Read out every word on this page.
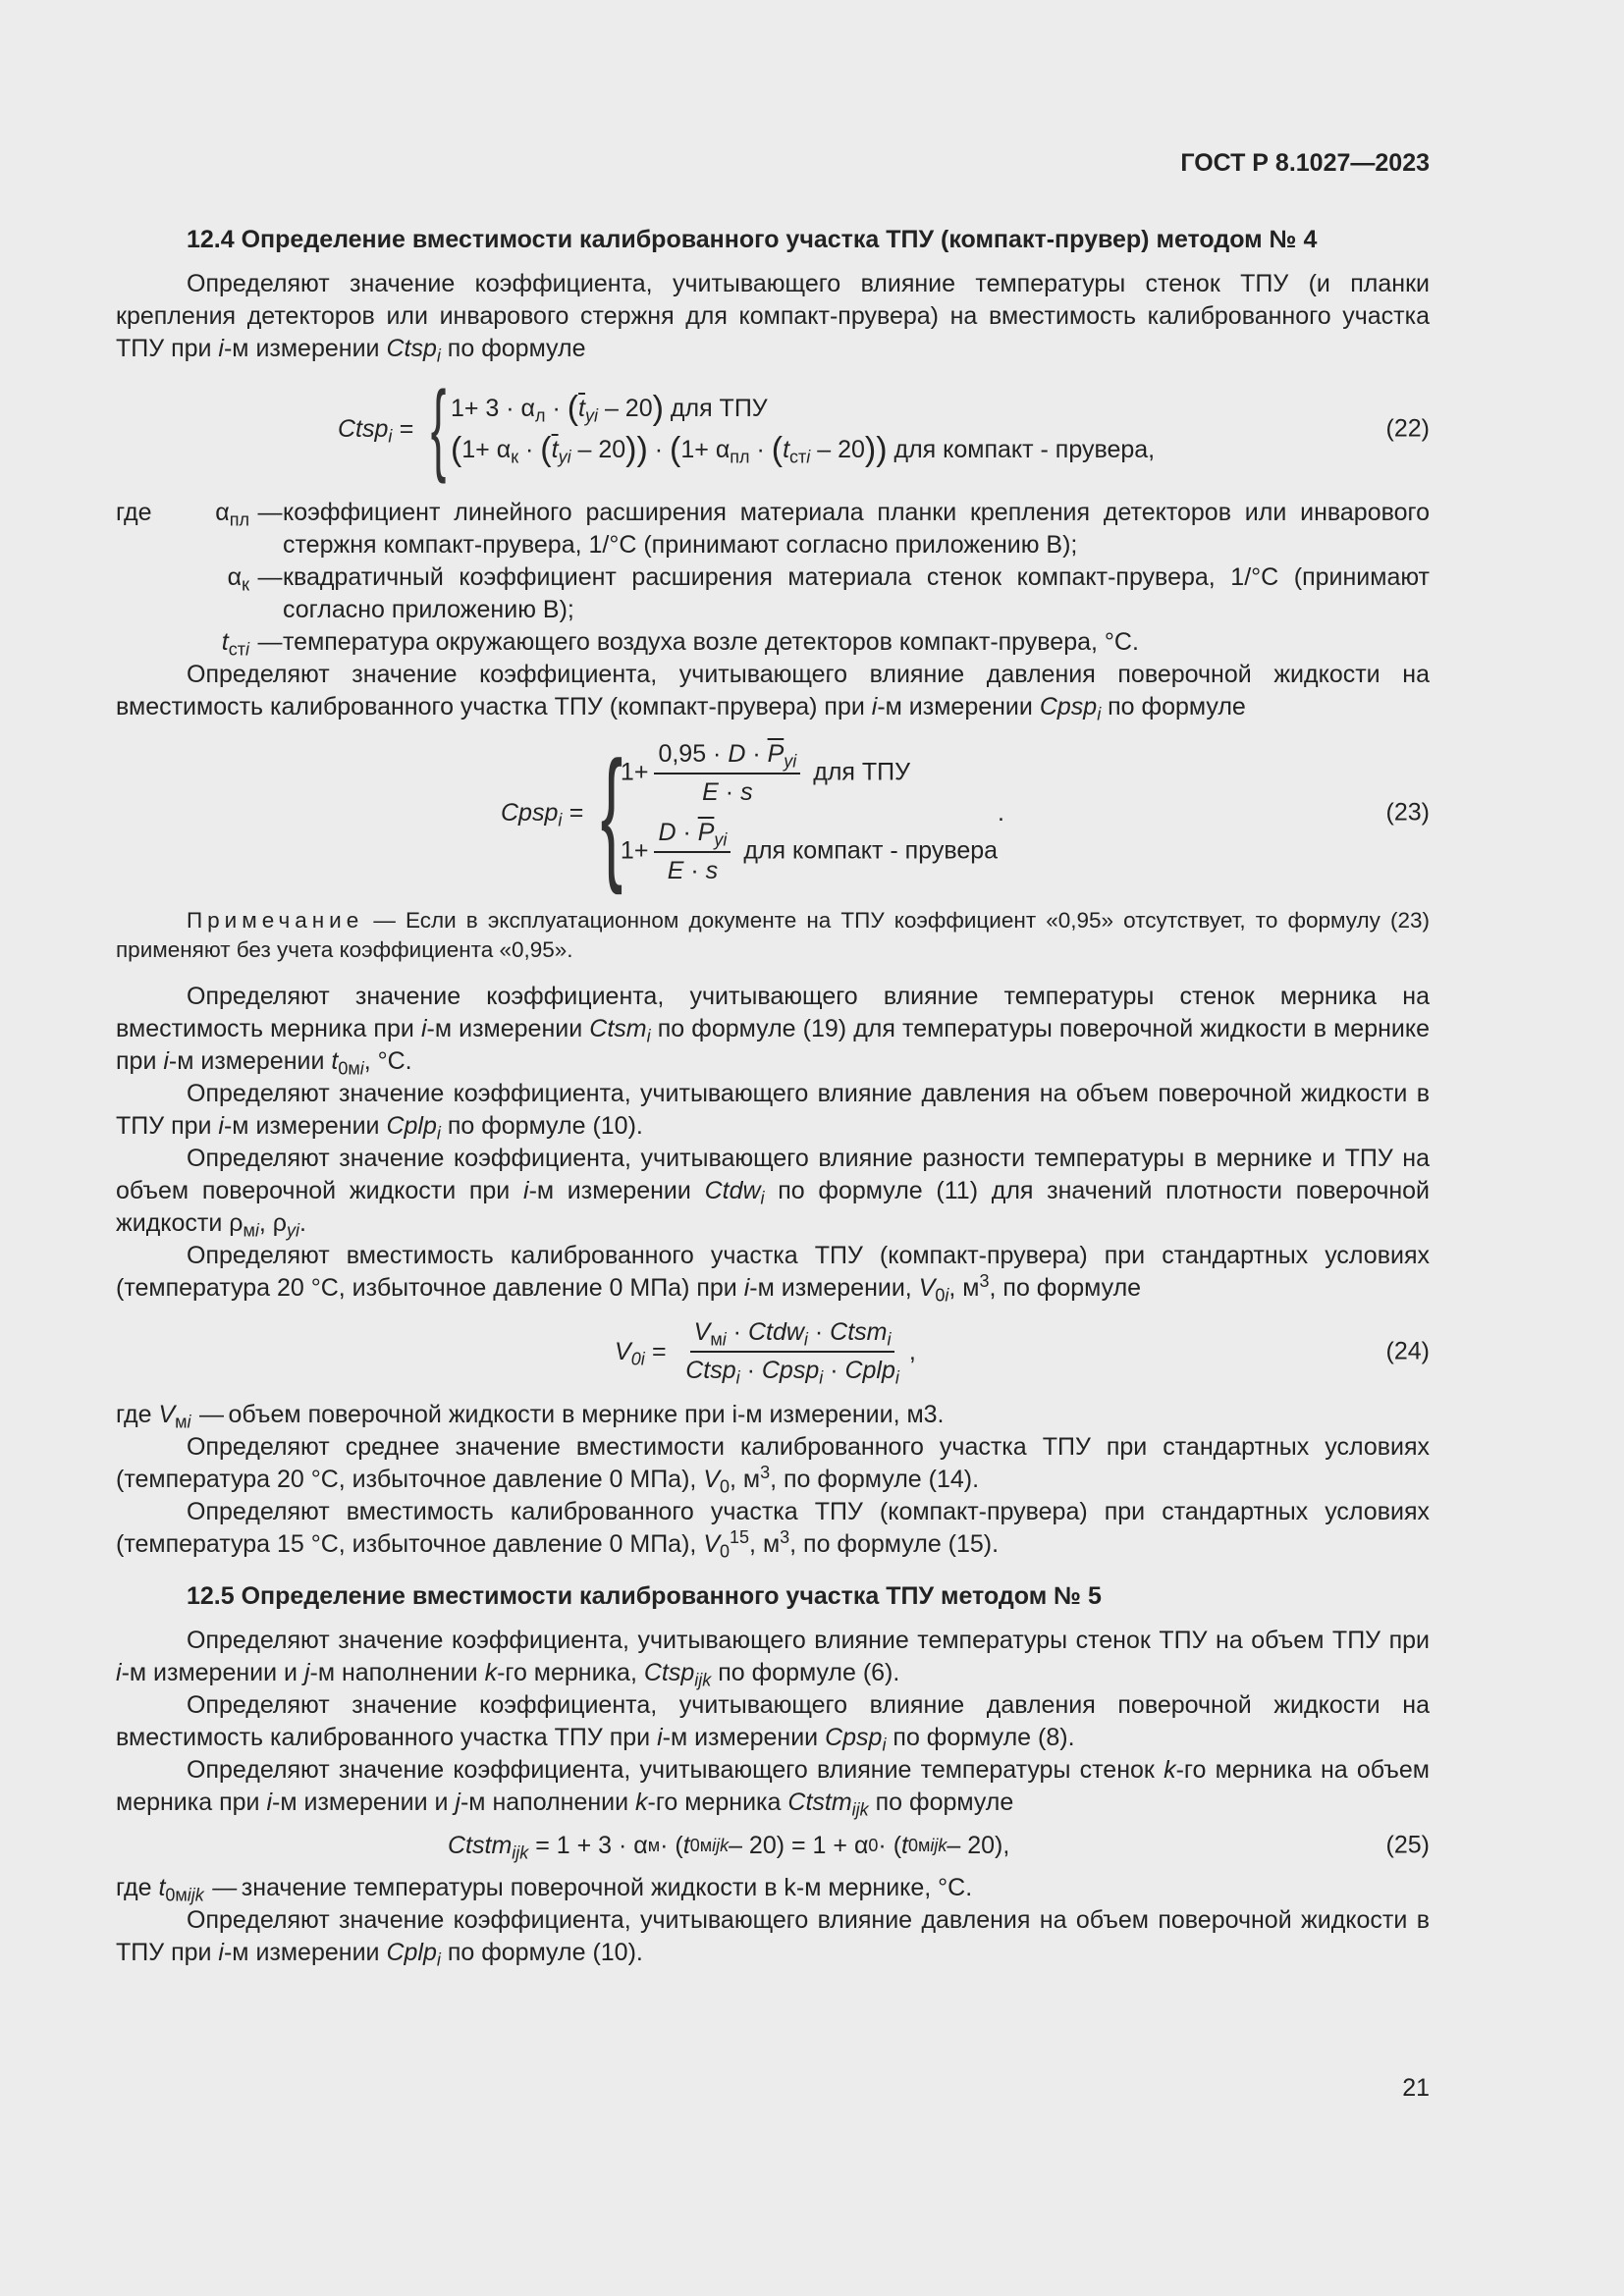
ГОСТ Р 8.1027—2023
12.4 Определение вместимости калиброванного участка ТПУ (компакт-прувер) методом № 4

Определяют значение коэффициента, учитывающего влияние температуры стенок ТПУ (и планки крепления детекторов или инварового стержня для компакт-прувера) на вместимость калиброванного участка ТПУ при i-м измерении Ctsp$_i$ по формуле

Ctsp$_i$ = { $1+ 3 \cdot \alpha_л \cdot (\overline{t}_{yi} - 20)$ для ТПУ
$(1+ \alpha_к \cdot (\overline{t}_{yi} - 20)) \cdot (1+ \alpha_{пл} \cdot (t_{стi} - 20))$ для компакт - прувера,
(22)
где	$\alpha_{пл}$ — коэффициент линейного расширения материала планки крепления детекторов или инварового стержня компакт-прувера, 1/°С (принимают согласно приложению В);
$\alpha_к$ — квадратичный коэффициент расширения материала стенок компакт-прувера, 1/°С (принимают согласно приложению В);
$t_{стi}$ — температура окружающего воздуха возле детекторов компакт-прувера, °С.

Определяют значение коэффициента, учитывающего влияние давления поверочной жидкости на вместимость калиброванного участка ТПУ (компакт-прувера) при i-м измерении Cpsp$_i$ по формуле

Cpsp$_i$ = {
$1+ \frac{0,95 \cdot D \cdot \overline{P}_{yi}}{E \cdot s}$ для ТПУ
$1+ \frac{D \cdot \overline{P}_{yi}}{E \cdot s}$ для компакт - прувера
.	(23)
Примечание — Если в эксплуатационном документе на ТПУ коэффициент «0,95» отсутствует, то формулу (23) применяют без учета коэффициента «0,95».

Определяют значение коэффициента, учитывающего влияние температуры стенок мерника на вместимость мерника при i-м измерении Ctsm$_i$ по формуле (19) для температуры поверочной жидкости в мернике при i-м измерении $t_{0мi}$, °С.

Определяют значение коэффициента, учитывающего влияние давления на объем поверочной жидкости в ТПУ при i-м измерении Cplp$_i$ по формуле (10).

Определяют значение коэффициента, учитывающего влияние разности температуры в мернике и ТПУ на объем поверочной жидкости при i-м измерении Ctdw$_i$ по формуле (11) для значений плотности поверочной жидкости $\rho_{мi}$, $\rho_{yi}$.

Определяют вместимость калиброванного участка ТПУ (компакт-прувера) при стандартных условиях (температура 20 °С, избыточное давление 0 МПа) при i-м измерении, $V_{0i}$, $м^3$, по формуле

$V_{0i} = \frac{V_{мi} \cdot Ctdw_i \cdot Ctsm_i}{Ctsp_i \cdot Cpsp_i \cdot Cplp_i}$ ,	(24)
где $V_{мi}$ — объем поверочной жидкости в мернике при i-м измерении, м3.

Определяют среднее значение вместимости калиброванного участка ТПУ при стандартных условиях (температура 20 °С, избыточное давление 0 МПа), $V_0$, $м^3$, по формуле (14).

Определяют вместимость калиброванного участка ТПУ (компакт-прувера) при стандартных условиях (температура 15 °С, избыточное давление 0 МПа), $V_0^{15}$, $м^3$, по формуле (15).

12.5 Определение вместимости калиброванного участка ТПУ методом № 5

Определяют значение коэффициента, учитывающего влияние температуры стенок ТПУ на объем ТПУ при i-м измерении и j-м наполнении k-го мерника, Ctsp$_{ijk}$ по формуле (6).

Определяют значение коэффициента, учитывающего влияние давления поверочной жидкости на вместимость калиброванного участка ТПУ при i-м измерении Cpsp$_i$ по формуле (8).

Определяют значение коэффициента, учитывающего влияние температуры стенок k-го мерника на объем мерника при i-м измерении и j-м наполнении k-го мерника Ctstm$_{ijk}$ по формуле

Ctstm$_{ijk}$ = 1 + 3 · α м · ( t 0мijk – 20) = 1 + α 0 · ( t 0мijk – 20),	(25)
где $t_{0мijk}$ — значение температуры поверочной жидкости в k-м мернике, °С.

Определяют значение коэффициента, учитывающего влияние давления на объем поверочной жидкости в ТПУ при i-м измерении Cplp$_i$ по формуле (10).

21
